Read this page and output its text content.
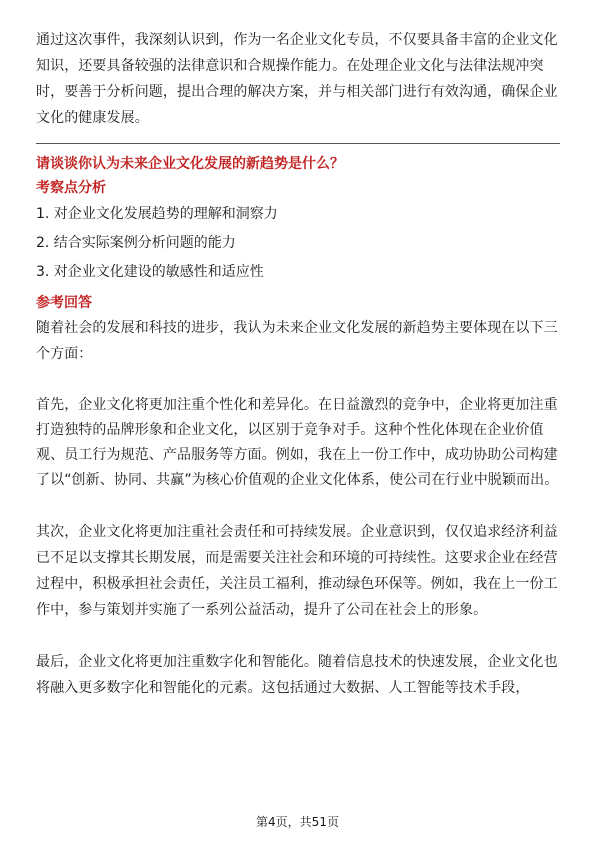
通过这次事件，我深刻认识到，作为一名企业文化专员，不仅要具备丰富的企业文化知识，还要具备较强的法律意识和合规操作能力。在处理企业文化与法律法规冲突时，要善于分析问题，提出合理的解决方案，并与相关部门进行有效沟通，确保企业文化的健康发展。

请谈谈你认为未来企业文化发展的新趋势是什么？

考察点分析

1. 对企业文化发展趋势的理解和洞察力

2. 结合实际案例分析问题的能力

3. 对企业文化建设的敏感性和适应性

参考回答

随着社会的发展和科技的进步，我认为未来企业文化发展的新趋势主要体现在以下三个方面：

首先，企业文化将更加注重个性化和差异化。在日益激烈的竞争中，企业将更加注重打造独特的品牌形象和企业文化，以区别于竞争对手。这种个性化体现在企业价值观、员工行为规范、产品服务等方面。例如，我在上一份工作中，成功协助公司构建了以“创新、协同、共赢”为核心价值观的企业文化体系，使公司在行业中脱颖而出。

其次，企业文化将更加注重社会责任和可持续发展。企业意识到，仅仅追求经济利益已不足以支撑其长期发展，而是需要关注社会和环境的可持续性。这要求企业在经营过程中，积极承担社会责任，关注员工福利，推动绿色环保等。例如，我在上一份工作中，参与策划并实施了一系列公益活动，提升了公司在社会上的形象。

最后，企业文化将更加注重数字化和智能化。随着信息技术的快速发展，企业文化也将融入更多数字化和智能化的元素。这包括通过大数据、人工智能等技术手段，

第4页，共51页
